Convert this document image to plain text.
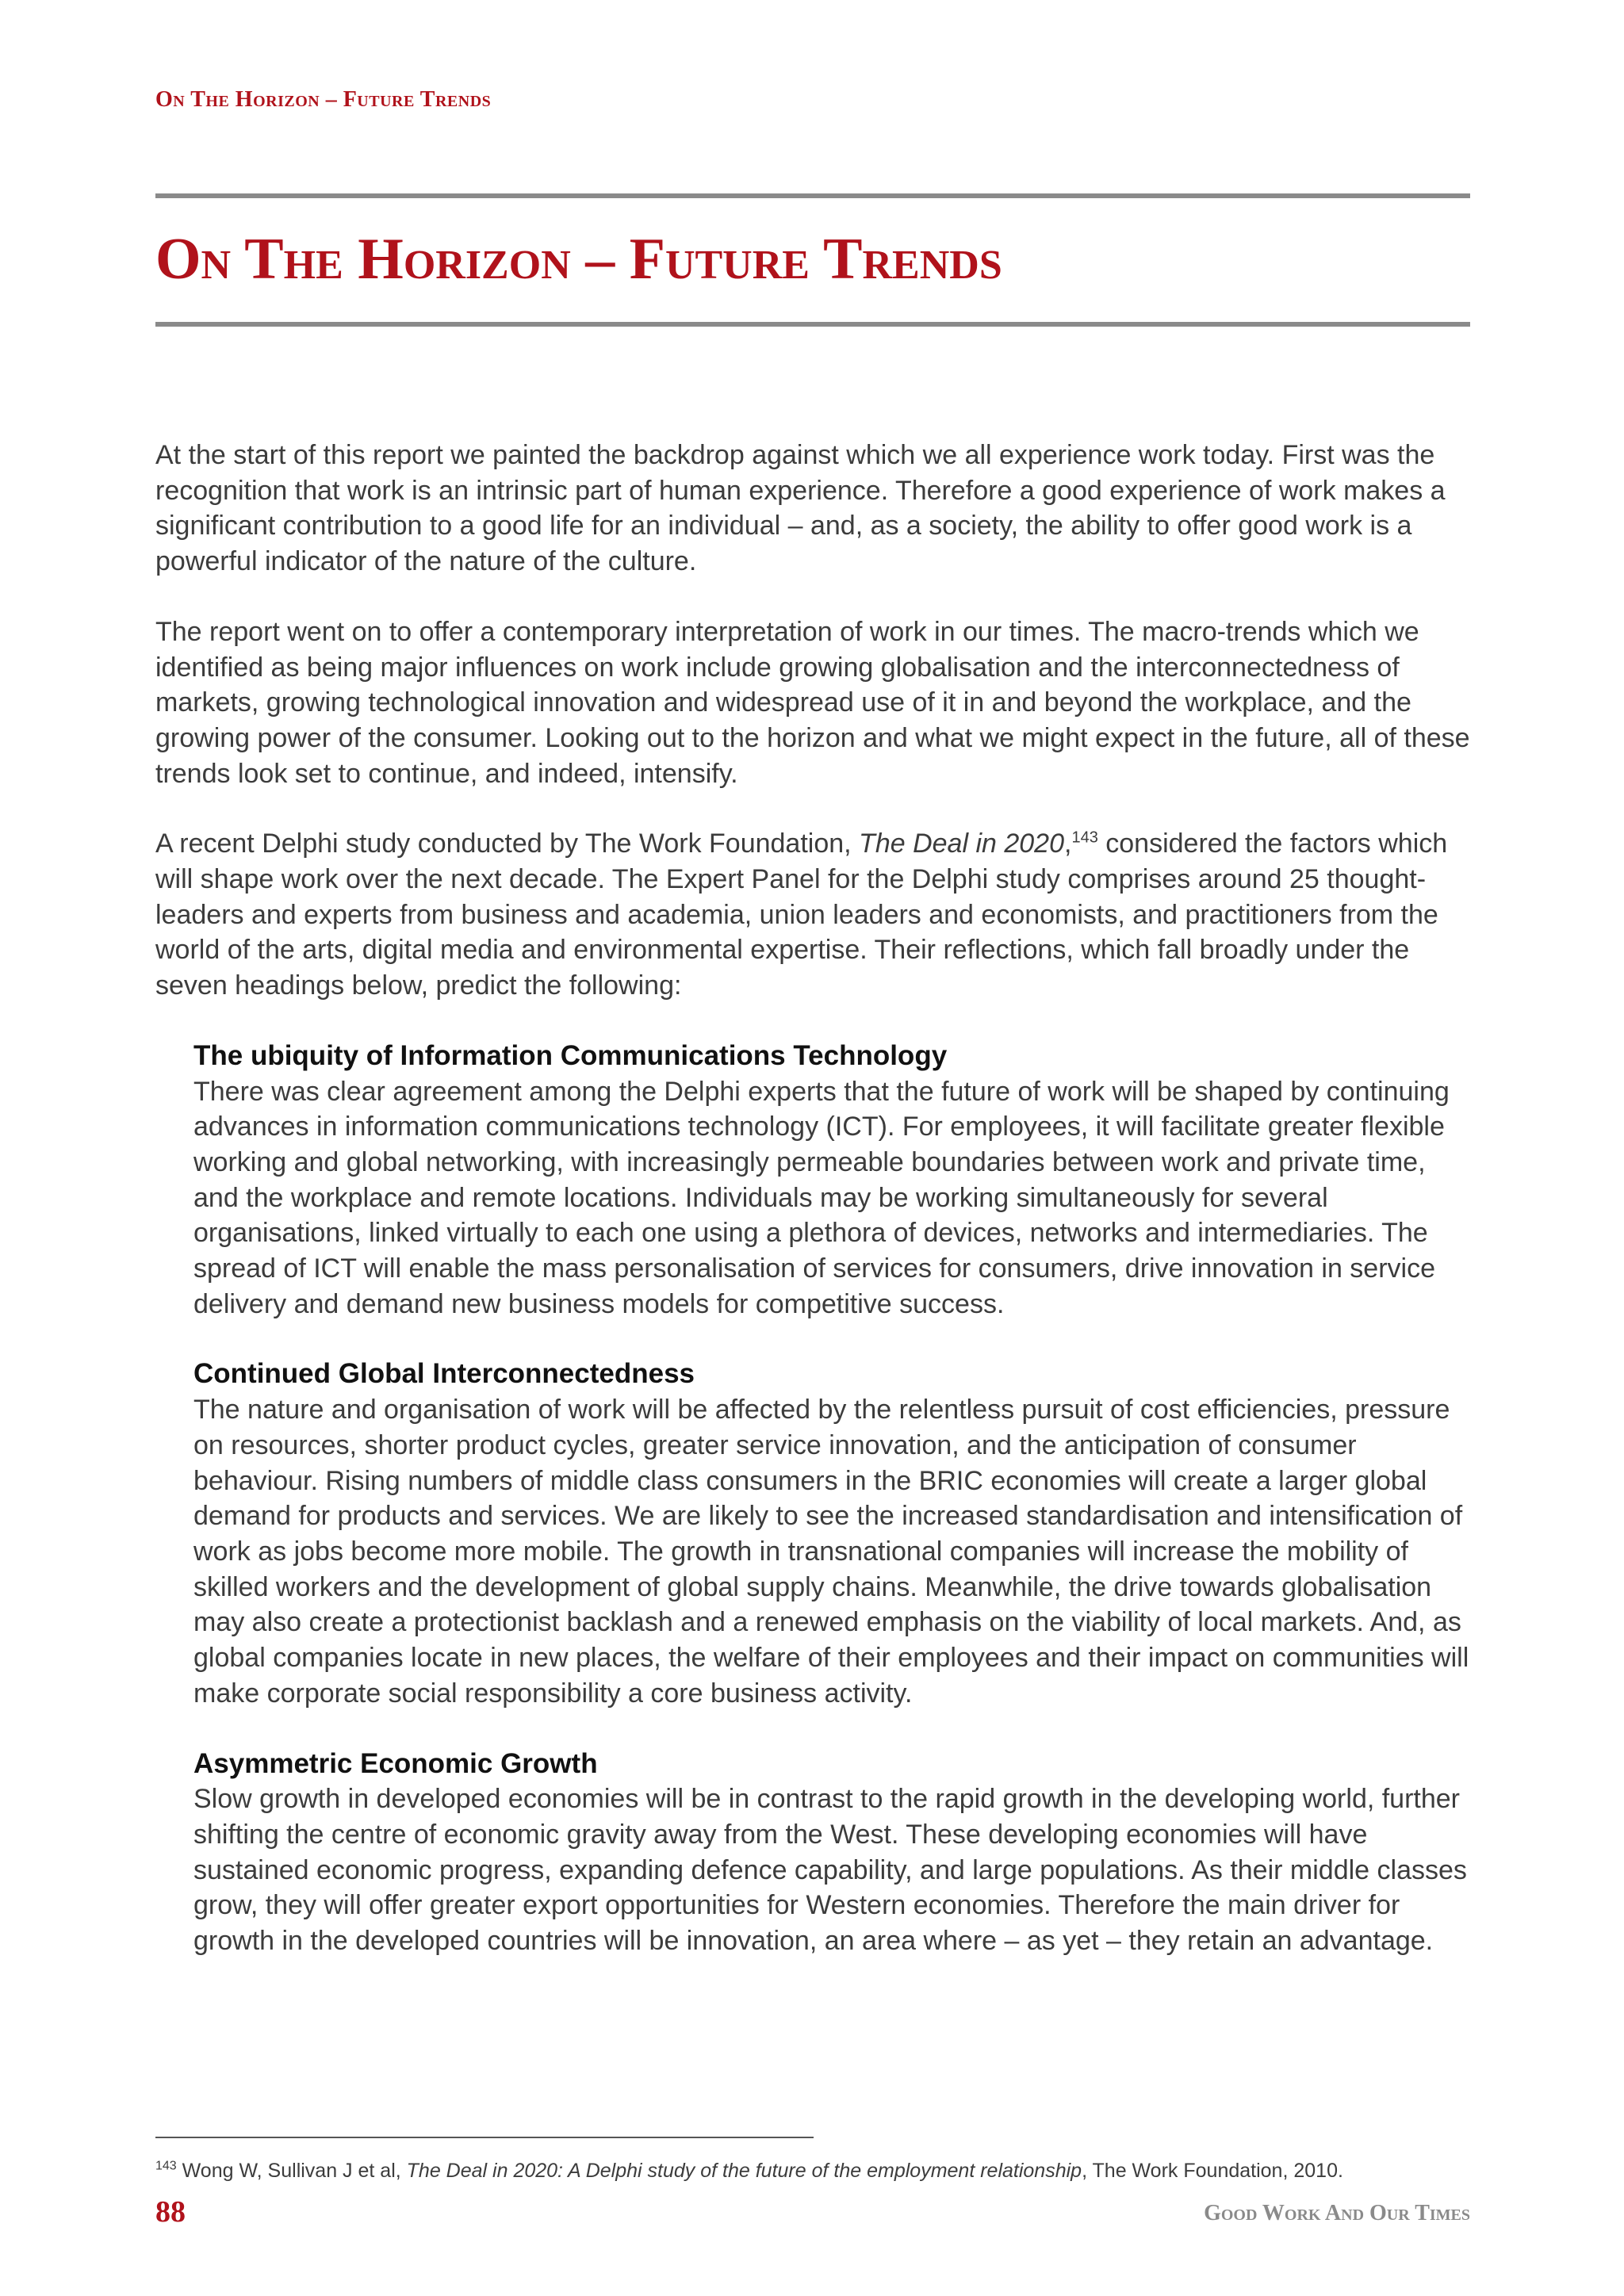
On The Horizon – Future Trends
On The Horizon – Future Trends

At the start of this report we painted the backdrop against which we all experience work today. First was the recognition that work is an intrinsic part of human experience. Therefore a good experience of work makes a significant contribution to a good life for an individual – and, as a society, the ability to offer good work is a powerful indicator of the nature of the culture.

The report went on to offer a contemporary interpretation of work in our times. The macro-trends which we identified as being major influences on work include growing globalisation and the interconnectedness of markets, growing technological innovation and widespread use of it in and beyond the workplace, and the growing power of the consumer. Looking out to the horizon and what we might expect in the future, all of these trends look set to continue, and indeed, intensify.

A recent Delphi study conducted by The Work Foundation, The Deal in 2020,$^{143}$ considered the factors which will shape work over the next decade. The Expert Panel for the Delphi study comprises around 25 thought-leaders and experts from business and academia, union leaders and economists, and practitioners from the world of the arts, digital media and environmental expertise. Their reflections, which fall broadly under the seven headings below, predict the following:

The ubiquity of Information Communications Technology

There was clear agreement among the Delphi experts that the future of work will be shaped by continuing advances in information communications technology (ICT). For employees, it will facilitate greater flexible working and global networking, with increasingly permeable boundaries between work and private time, and the workplace and remote locations. Individuals may be working simultaneously for several organisations, linked virtually to each one using a plethora of devices, networks and intermediaries. The spread of ICT will enable the mass personalisation of services for consumers, drive innovation in service delivery and demand new business models for competitive success.

Continued Global Interconnectedness

The nature and organisation of work will be affected by the relentless pursuit of cost efficiencies, pressure on resources, shorter product cycles, greater service innovation, and the anticipation of consumer behaviour. Rising numbers of middle class consumers in the BRIC economies will create a larger global demand for products and services. We are likely to see the increased standardisation and intensification of work as jobs become more mobile. The growth in transnational companies will increase the mobility of skilled workers and the development of global supply chains. Meanwhile, the drive towards globalisation may also create a protectionist backlash and a renewed emphasis on the viability of local markets. And, as global companies locate in new places, the welfare of their employees and their impact on communities will make corporate social responsibility a core business activity.

Asymmetric Economic Growth

Slow growth in developed economies will be in contrast to the rapid growth in the developing world, further shifting the centre of economic gravity away from the West. These developing economies will have sustained economic progress, expanding defence capability, and large populations. As their middle classes grow, they will offer greater export opportunities for Western economies. Therefore the main driver for growth in the developed countries will be innovation, an area where – as yet – they retain an advantage.

$^{143}$ Wong W, Sullivan J et al, The Deal in 2020: A Delphi study of the future of the employment relationship, The Work Foundation, 2010.
88	Good Work And Our Times
